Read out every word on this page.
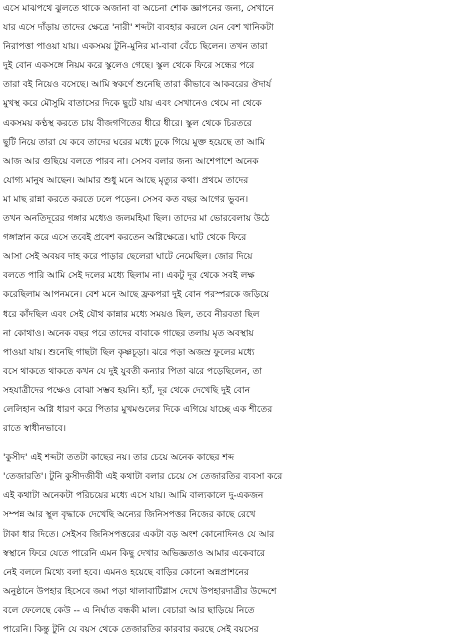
এসে মাঝপথে ঝুলতে থাকে অজানা বা অচেনা শোক জ্ঞাপনের জন্য, সেখানে
যার এসে দাঁড়ায় তাদের ক্ষেত্রে 'নারী' শব্দটা ব্যবহার করলে যেন বেশ খানিকটা
নিরাপত্তা পাওয়া যায়। একসময় টুনি-মুনির মা-বাবা বেঁচে ছিলেন। তখন তারা
দুই বোন একসঙ্গে নিয়ম করে স্কুলেও গেছে। স্কুল থেকে ফিরে সন্ধের পরে
তারা বই নিয়েও বসেছে। আমি স্বকর্ণে শুনেছি তারা কীভাবে আকবরের ঔদার্য
মুখস্থ করে মৌসুমি বাতাসের দিকে ছুটে যায় এবং সেখানেও থেমে না থেকে
একসময় কণ্ঠস্থ করতে চায় বীজগণিতের ধীরে ধীরে। স্কুল থেকে চিরতরে
ছুটি নিয়ে তারা যে কবে তাদের ঘরের মধ্যে ঢুকে গিয়ে মুক্ত হয়েছে তা আমি
আজ আর গুছিয়ে বলতে পারব না। সেসব বলার জন্য আশেপাশে অনেক
যোগ্য মানুষ আছেন। আমার শুধু মনে আছে মৃত্যুর কথা। প্রথমে তাদের
মা মাছ রান্না করতে করতে ঢলে পড়েন। সেসব কত বছর আগের ভুবন।
তখন অনতিদূরের গঙ্গার মধ্যেও জলমহিমা ছিল। তাদের মা ভোরবেলায় উঠে
গঙ্গাস্নান করে এসে তবেই প্রবেশ করতেন অগ্নিক্ষেত্রে। ঘাট থেকে ফিরে
আসা সেই অবয়ব দাহ করে পাড়ার ছেলেরা ঘাটে নেমেছিল। জোর দিয়ে
বলতে পারি আমি সেই দলের মধ্যে ছিলাম না। একটু দূর থেকে সবই লক্ষ
করেছিলাম আপনমনে। বেশ মনে আছে ফ্রকপরা দুই বোন পরস্পরকে জড়িয়ে
ধরে কাঁদছিল এবং সেই যৌথ কান্নার মধ্যে সময়ও ছিল, তবে নীরবতা ছিল
না কোথাও। অনেক বছর পরে তাদের বাবাকে গাছের তলায় মৃত অবস্থায়
পাওয়া যায়। শুনেছি গাছটা ছিল কৃষ্ণচূড়া। ঝরে পড়া অজস্র ফুলের মধ্যে
বসে থাকতে থাকতে কখন যে দুই যুবতী কন্যার পিতা ঝরে পড়েছিলেন, তা
সহযাত্রীদের পক্ষেও বোঝা সম্ভব হয়নি। হ্যাঁ, দূর থেকে দেখেছি দুই বোন
লেলিহান অগ্নি ধারণ করে পিতার মুখমণ্ডলের দিকে এগিয়ে যাচ্ছে এক শীতের
রাতে স্বাধীনভাবে।
'কুসীদ' এই শব্দটা ততটা কাছের নয়। তার চেয়ে অনেক কাছের শব্দ
'তেজারতি'। টুনি কুসীদজীবী এই কথাটা বলার চেয়ে সে তেজারতির ব্যবসা করে
এই কথাটা অনেকটা পরিচয়ের মধ্যে এসে যায়। আমি বাল্যকালে দু-একজন
সম্পন্ন আর স্থূল বৃদ্ধাকে দেখেছি অন্যের জিনিসপত্তর নিজের কাছে রেখে
টাকা ধার দিতে। সেইসব জিনিসপত্তরের একটা বড় অংশ কোনোদিনও যে আর
স্বস্থানে ফিরে যেতে পারেনি এমন কিছু দেখার অভিজ্ঞতাও আমার একেবারে
নেই বললে মিথ্যে বলা হবে। এমনও হয়েছে বাড়ির কোনো অন্নপ্রাশনের
অনুষ্ঠানে উপহার হিসেবে জমা পড়া থালাবাটিগ্লাস দেখে উপহারদাত্রীর উদ্দেশে
বলে ফেলেছে কেউ -- এ নির্ঘাত বন্ধকী মাল। বেচারা আর ছাড়িয়ে নিতে
পারেনি। কিন্তু টুনি যে বয়স থেকে তেজারতির কারবার করছে সেই বয়সের
